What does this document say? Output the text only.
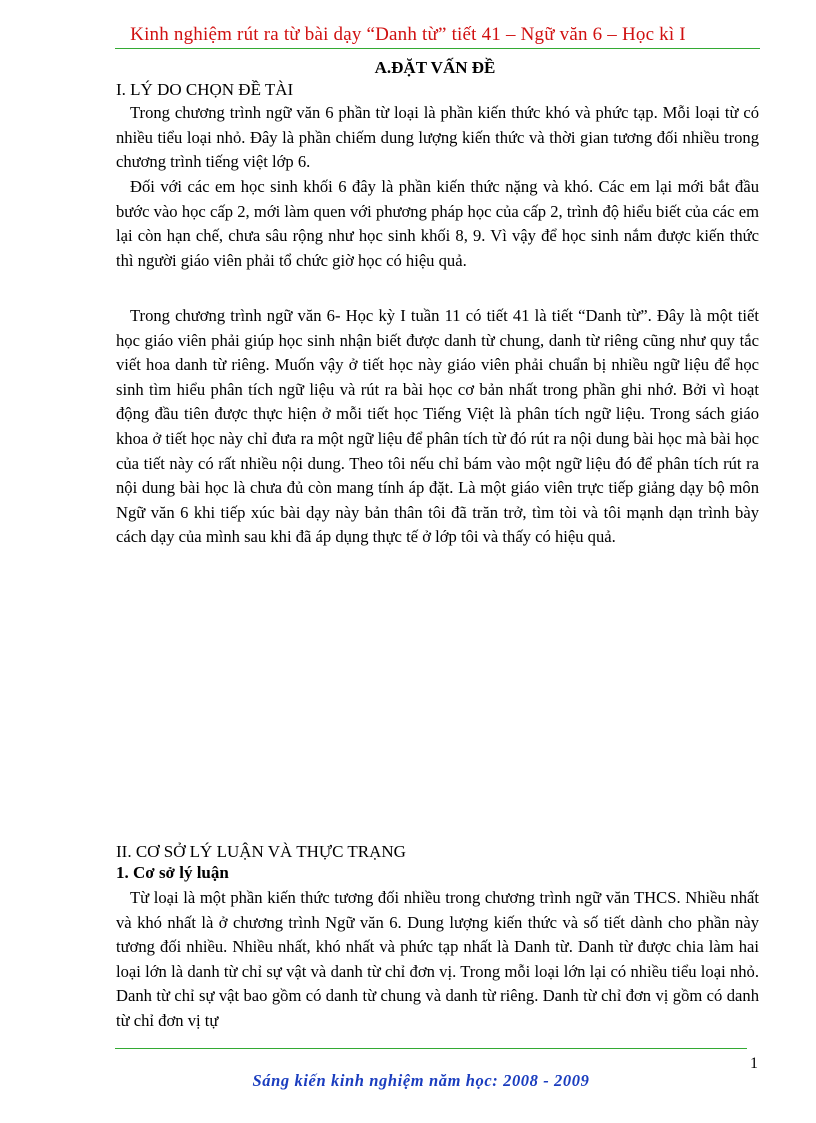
Kinh nghiệm rút ra từ bài dạy “Danh từ” tiết 41 – Ngữ văn 6 – Học kì I
A.ĐẶT VẤN ĐỀ
I. LÝ DO CHỌN ĐỀ TÀI

Trong chương trình ngữ văn 6 phần từ loại là phần kiến thức khó và phức tạp. Mỗi loại từ có nhiều tiểu loại nhỏ. Đây là phần chiếm dung lượng kiến thức và thời gian tương đối nhiều trong chương trình tiếng việt lớp 6.

Đối với các em học sinh khối 6 đây là phần kiến thức nặng và khó. Các em lại mới bắt đầu bước vào học cấp 2, mới làm quen với phương pháp học của cấp 2, trình độ hiểu biết của các em lại còn hạn chế, chưa sâu rộng như học sinh khối 8, 9. Vì vậy để học sinh nắm được kiến thức thì người giáo viên phải tổ chức giờ học có hiệu quả.

Trong chương trình ngữ văn 6- Học kỳ I tuần 11 có tiết 41 là tiết “Danh từ”. Đây là một tiết học giáo viên phải giúp học sinh nhận biết được danh từ chung, danh từ riêng cũng như quy tắc viết hoa danh từ riêng. Muốn vậy ở tiết học này giáo viên phải chuẩn bị nhiều ngữ liệu để học sinh tìm hiểu phân tích ngữ liệu và rút ra bài học cơ bản nhất trong phần ghi nhớ. Bởi vì hoạt động đầu tiên được thực hiện ở mỗi tiết học Tiếng Việt là phân tích ngữ liệu. Trong sách giáo khoa ở tiết học này chỉ đưa ra một ngữ liệu để phân tích từ đó rút ra nội dung bài học mà bài học của tiết này có rất nhiều nội dung. Theo tôi nếu chỉ bám vào một ngữ liệu đó để phân tích rút ra nội dung bài học là chưa đủ còn mang tính áp đặt. Là một giáo viên trực tiếp giảng dạy bộ môn Ngữ văn 6 khi tiếp xúc bài dạy này bản thân tôi đã trăn trở, tìm tòi và tôi mạnh dạn trình bày cách dạy của mình sau khi đã áp dụng thực tế ở lớp tôi và thấy có hiệu quả.

II. CƠ SỞ LÝ LUẬN VÀ THỰC TRẠNG
1. Cơ sở lý luận

Từ loại là một phần kiến thức tương đối nhiều trong chương trình ngữ văn THCS. Nhiều nhất và khó nhất là ở chương trình Ngữ văn 6. Dung lượng kiến thức và số tiết dành cho phần này tương đối nhiều. Nhiều nhất, khó nhất và phức tạp nhất là Danh từ. Danh từ được chia làm hai loại lớn là danh từ chỉ sự vật và danh từ chỉ đơn vị. Trong mỗi loại lớn lại có nhiều tiểu loại nhỏ. Danh từ chỉ sự vật bao gồm có danh từ chung và danh từ riêng. Danh từ chỉ đơn vị gồm có danh từ chỉ đơn vị tự

1
Sáng kiến kinh nghiệm năm học: 2008 - 2009
